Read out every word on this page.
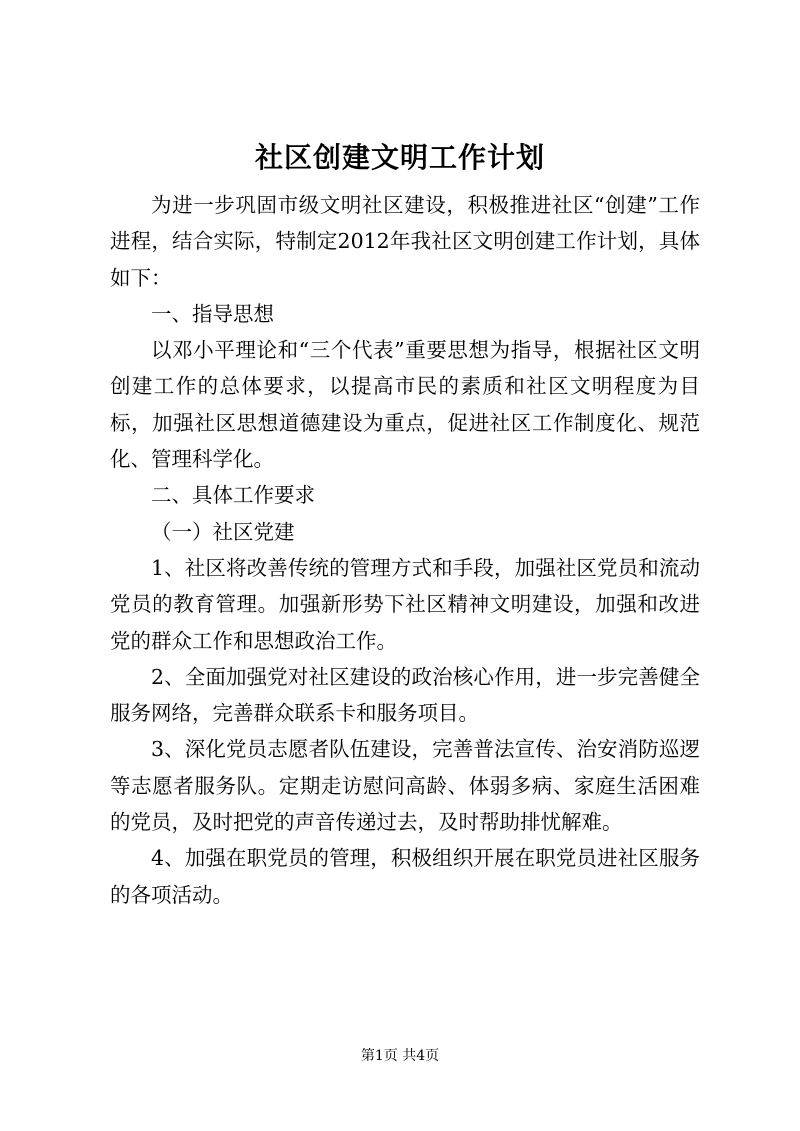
社区创建文明工作计划

为进一步巩固市级文明社区建设，积极推进社区“创建”工作进程，结合实际，特制定2012年我社区文明创建工作计划，具体如下：

一、指导思想

以邓小平理论和“三个代表”重要思想为指导，根据社区文明创建工作的总体要求，以提高市民的素质和社区文明程度为目标，加强社区思想道德建设为重点，促进社区工作制度化、规范化、管理科学化。

二、具体工作要求

（一）社区党建

1、社区将改善传统的管理方式和手段，加强社区党员和流动党员的教育管理。加强新形势下社区精神文明建设，加强和改进党的群众工作和思想政治工作。

2、全面加强党对社区建设的政治核心作用，进一步完善健全服务网络，完善群众联系卡和服务项目。

3、深化党员志愿者队伍建设，完善普法宣传、治安消防巡逻等志愿者服务队。定期走访慰问高龄、体弱多病、家庭生活困难的党员，及时把党的声音传递过去，及时帮助排忧解难。

4、加强在职党员的管理，积极组织开展在职党员进社区服务的各项活动。

第1页 共4页
